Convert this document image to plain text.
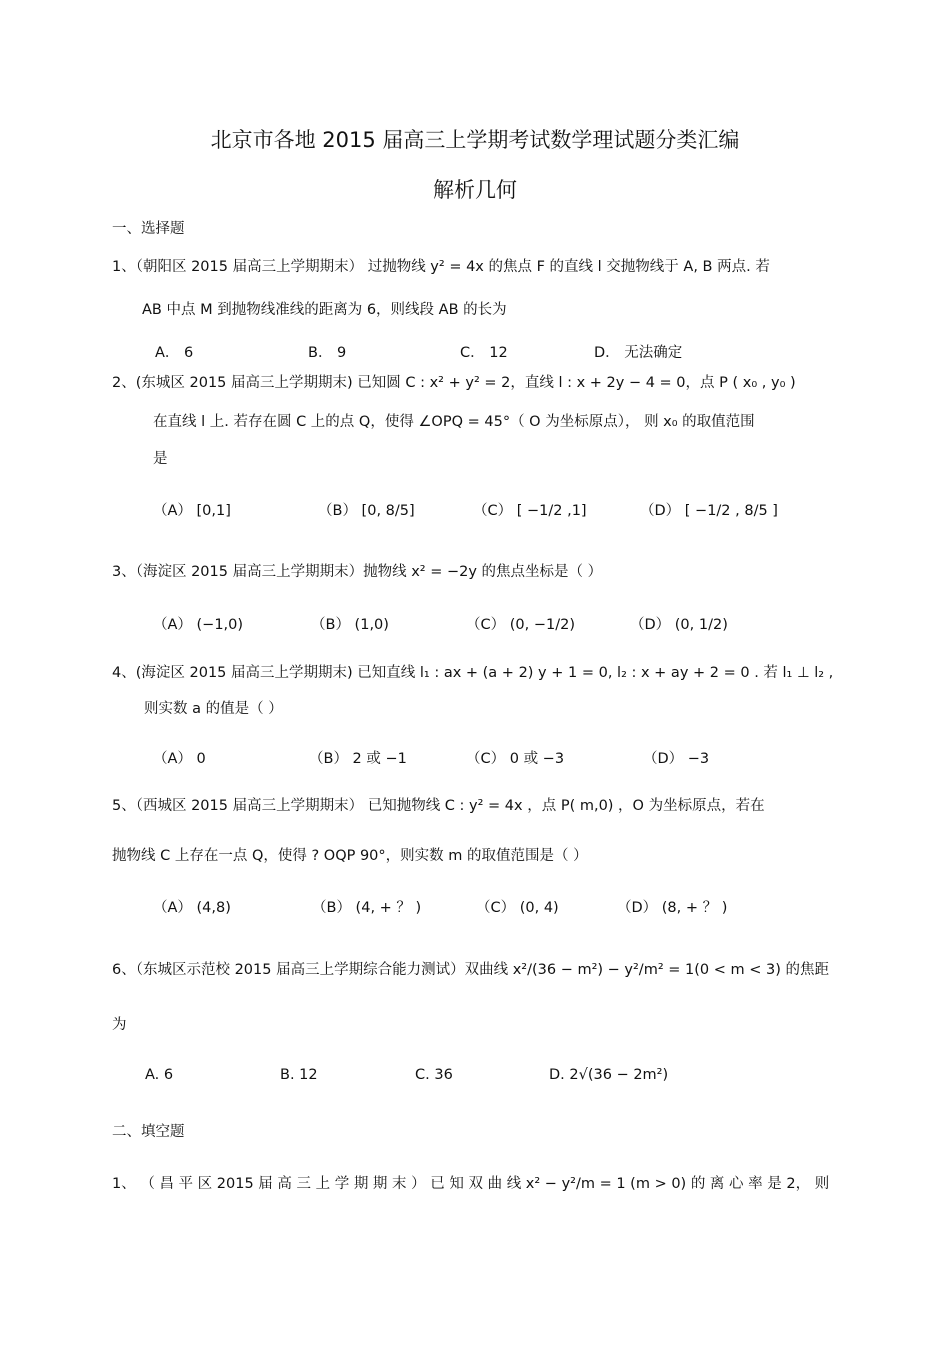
北京市各地 2015 届高三上学期考试数学理试题分类汇编
解析几何
一、选择题
1、（朝阳区 2015 届高三上学期期末） 过抛物线 y² = 4x 的焦点 F 的直线 l 交抛物线于 A, B 两点. 若
AB 中点 M 到抛物线准线的距离为 6，则线段 AB 的长为
A． 6	B． 9	C． 12	D． 无法确定
2、(东城区 2015 届高三上学期期末) 已知圆 C : x² + y² = 2，直线 l : x + 2y − 4 = 0，点 P ( x₀ , y₀ )
在直线 l 上. 若存在圆 C 上的点 Q，使得 ∠OPQ = 45°（ O 为坐标原点）， 则 x₀ 的取值范围
是
（A） [0,1]	（B） [0, 8/5]	（C） [ −1/2 ,1]	（D） [ −1/2 , 8/5 ]
3、（海淀区 2015 届高三上学期期末）抛物线 x² = −2y 的焦点坐标是（ ）
（A） (−1,0)	（B） (1,0)	（C） (0, −1/2)	（D） (0, 1/2)
4、(海淀区 2015 届高三上学期期末) 已知直线 l₁ : ax + (a + 2) y + 1 = 0, l₂ : x + ay + 2 = 0 . 若 l₁ ⊥ l₂ ,
则实数 a 的值是（ ）
（A） 0	（B） 2 或 −1	（C） 0 或 −3	（D） −3
5、（西城区 2015 届高三上学期期末） 已知抛物线 C : y² = 4x ，点 P( m,0) ，O 为坐标原点，若在
抛物线 C 上存在一点 Q，使得 ? OQP 90°，则实数 m 的取值范围是（ ）
（A） (4,8)	（B） (4, + ？ )	（C） (0, 4)	（D） (8, + ？ )
6、（东城区示范校 2015 届高三上学期综合能力测试）双曲线 x²/(36 − m²) − y²/m² = 1(0 < m < 3) 的焦距
为
A. 6	B. 12	C. 36	D. 2√(36 − 2m²)
二、填空题
1、 （ 昌 平 区 2015 届 高 三 上 学 期 期 末 ） 已 知 双 曲 线 x² − y²/m = 1 (m > 0) 的 离 心 率 是 2， 则
